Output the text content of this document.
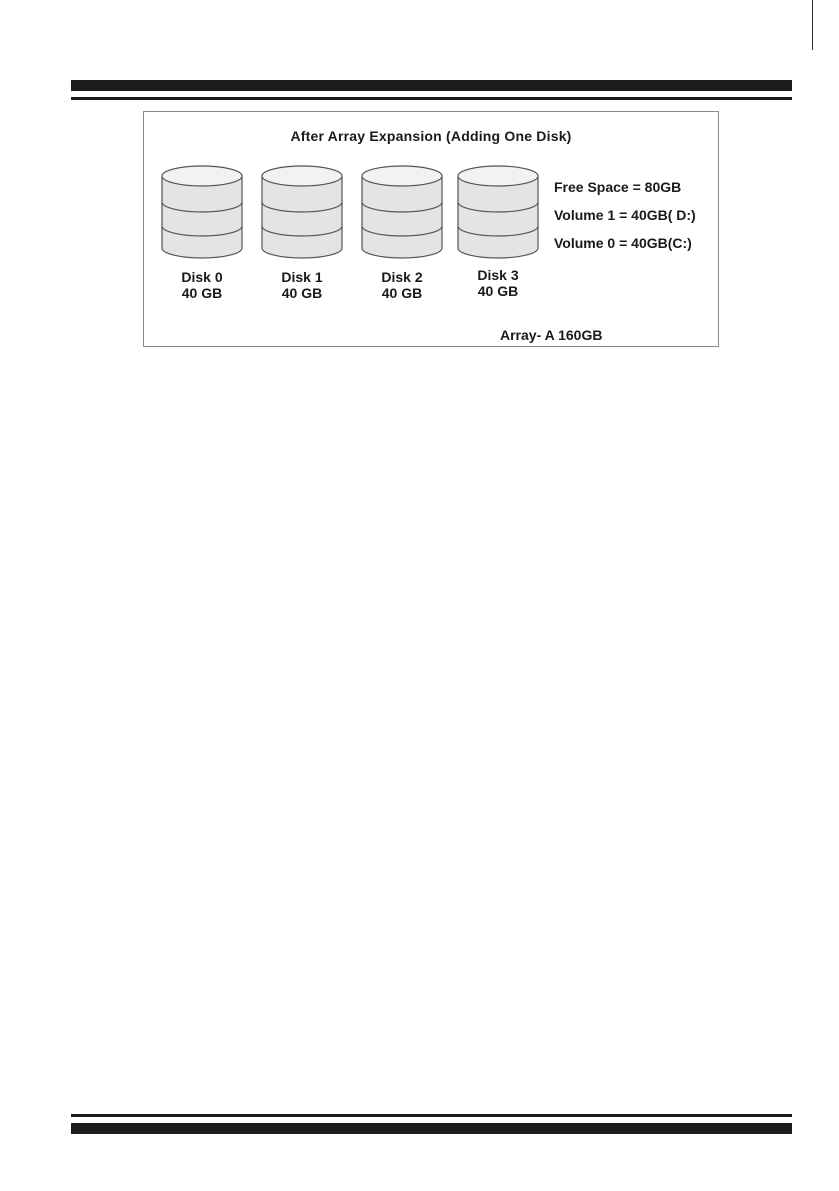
After Array Expansion (Adding One Disk)
Disk 0
40 GB
Disk 1
40 GB
Disk 2
40 GB
Disk 3
40 GB
Free Space = 80GB
Volume 1 = 40GB( D:)
Volume 0 = 40GB(C:)
Array- A 160GB
